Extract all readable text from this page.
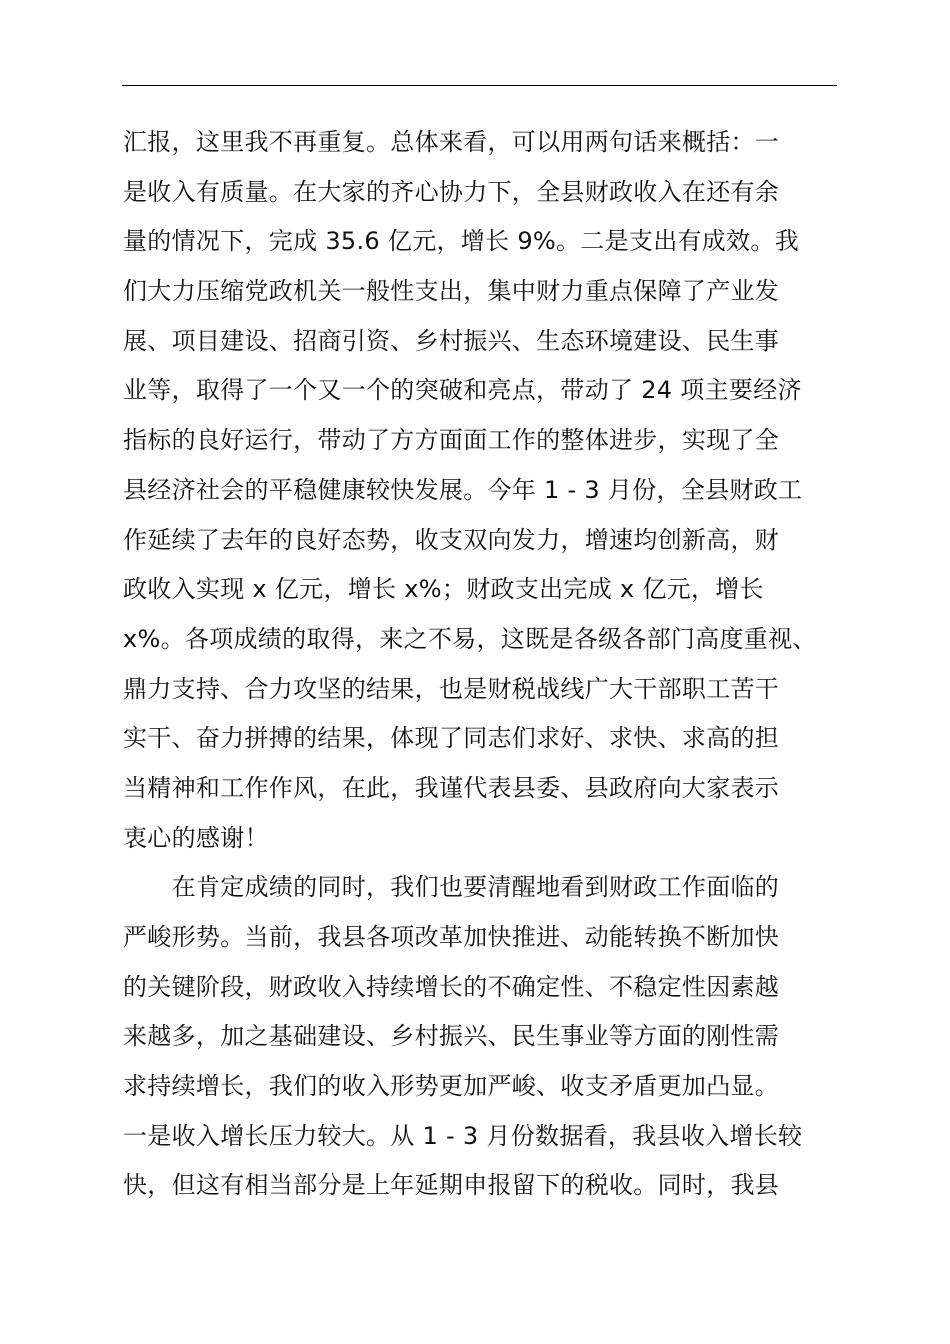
汇报，这里我不再重复。总体来看，可以用两句话来概括：一
是收入有质量。在大家的齐心协力下，全县财政收入在还有余
量的情况下，完成 35.6 亿元，增长 9%。二是支出有成效。我
们大力压缩党政机关一般性支出，集中财力重点保障了产业发
展、项目建设、招商引资、乡村振兴、生态环境建设、民生事
业等，取得了一个又一个的突破和亮点，带动了 24 项主要经济
指标的良好运行，带动了方方面面工作的整体进步，实现了全
县经济社会的平稳健康较快发展。今年 1 - 3 月份，全县财政工
作延续了去年的良好态势，收支双向发力，增速均创新高，财
政收入实现 x 亿元，增长 x%；财政支出完成 x 亿元，增长
x%。各项成绩的取得，来之不易，这既是各级各部门高度重视、
鼎力支持、合力攻坚的结果，也是财税战线广大干部职工苦干
实干、奋力拼搏的结果，体现了同志们求好、求快、求高的担
当精神和工作作风，在此，我谨代表县委、县政府向大家表示
衷心的感谢！
　　在肯定成绩的同时，我们也要清醒地看到财政工作面临的
严峻形势。当前，我县各项改革加快推进、动能转换不断加快
的关键阶段，财政收入持续增长的不确定性、不稳定性因素越
来越多，加之基础建设、乡村振兴、民生事业等方面的刚性需
求持续增长，我们的收入形势更加严峻、收支矛盾更加凸显。
一是收入增长压力较大。从 1 - 3 月份数据看，我县收入增长较
快，但这有相当部分是上年延期申报留下的税收。同时，我县
